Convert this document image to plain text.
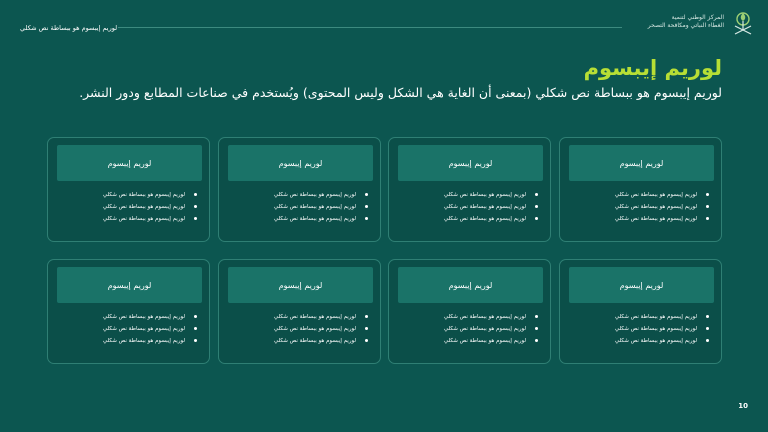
المركز الوطني لتنمية
الغطاء النباتي ومكافحة التصحر
لوريم إيبسوم هو ببساطة نص شكلي
لوريم إيبسوم
لوريم إيبسوم هو ببساطة نص شكلي (بمعنى أن الغاية هي الشكل وليس المحتوى) ويُستخدم في صناعات المطابع ودور النشر.
لوريم إيبسوم
لوريم إيبسوم هو ببساطة نص شكلي
لوريم إيبسوم هو ببساطة نص شكلي
لوريم إيبسوم هو ببساطة نص شكلي
لوريم إيبسوم
لوريم إيبسوم هو ببساطة نص شكلي
لوريم إيبسوم هو ببساطة نص شكلي
لوريم إيبسوم هو ببساطة نص شكلي
لوريم إيبسوم
لوريم إيبسوم هو ببساطة نص شكلي
لوريم إيبسوم هو ببساطة نص شكلي
لوريم إيبسوم هو ببساطة نص شكلي
لوريم إيبسوم
لوريم إيبسوم هو ببساطة نص شكلي
لوريم إيبسوم هو ببساطة نص شكلي
لوريم إيبسوم هو ببساطة نص شكلي
لوريم إيبسوم
لوريم إيبسوم هو ببساطة نص شكلي
لوريم إيبسوم هو ببساطة نص شكلي
لوريم إيبسوم هو ببساطة نص شكلي
لوريم إيبسوم
لوريم إيبسوم هو ببساطة نص شكلي
لوريم إيبسوم هو ببساطة نص شكلي
لوريم إيبسوم هو ببساطة نص شكلي
لوريم إيبسوم
لوريم إيبسوم هو ببساطة نص شكلي
لوريم إيبسوم هو ببساطة نص شكلي
لوريم إيبسوم هو ببساطة نص شكلي
لوريم إيبسوم
لوريم إيبسوم هو ببساطة نص شكلي
لوريم إيبسوم هو ببساطة نص شكلي
لوريم إيبسوم هو ببساطة نص شكلي
10
